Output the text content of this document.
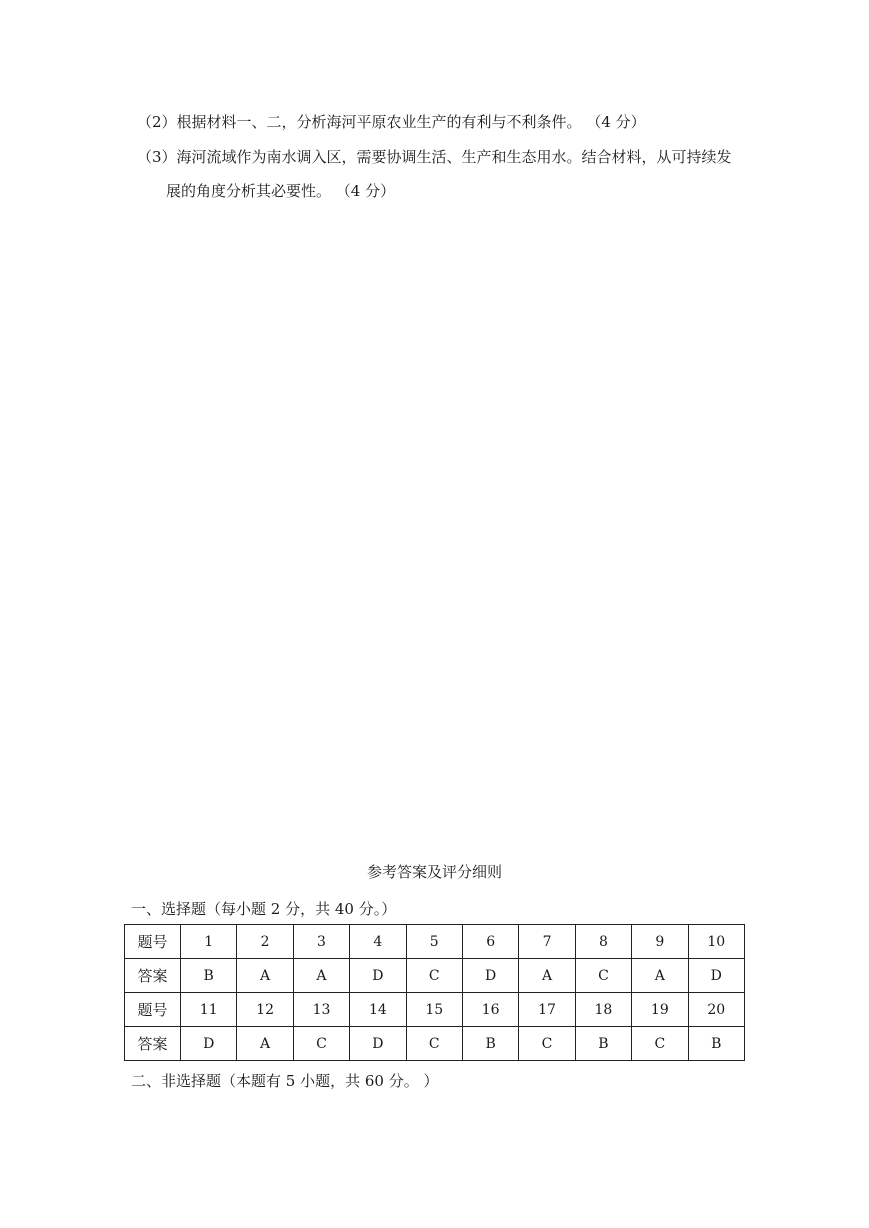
（2）根据材料一、二，分析海河平原农业生产的有利与不利条件。 （4 分）
（3）海河流域作为南水调入区，需要协调生活、生产和生态用水。结合材料，从可持续发
展的角度分析其必要性。 （4 分）
参考答案及评分细则
一、选择题（每小题 2 分，共 40 分。）
题号	1	2	3	4	5	6	7	8	9	10
答案	B	A	A	D	C	D	A	C	A	D
题号	11	12	13	14	15	16	17	18	19	20
答案	D	A	C	D	C	B	C	B	C	B
二、非选择题（本题有 5 小题，共 60 分。 ）
